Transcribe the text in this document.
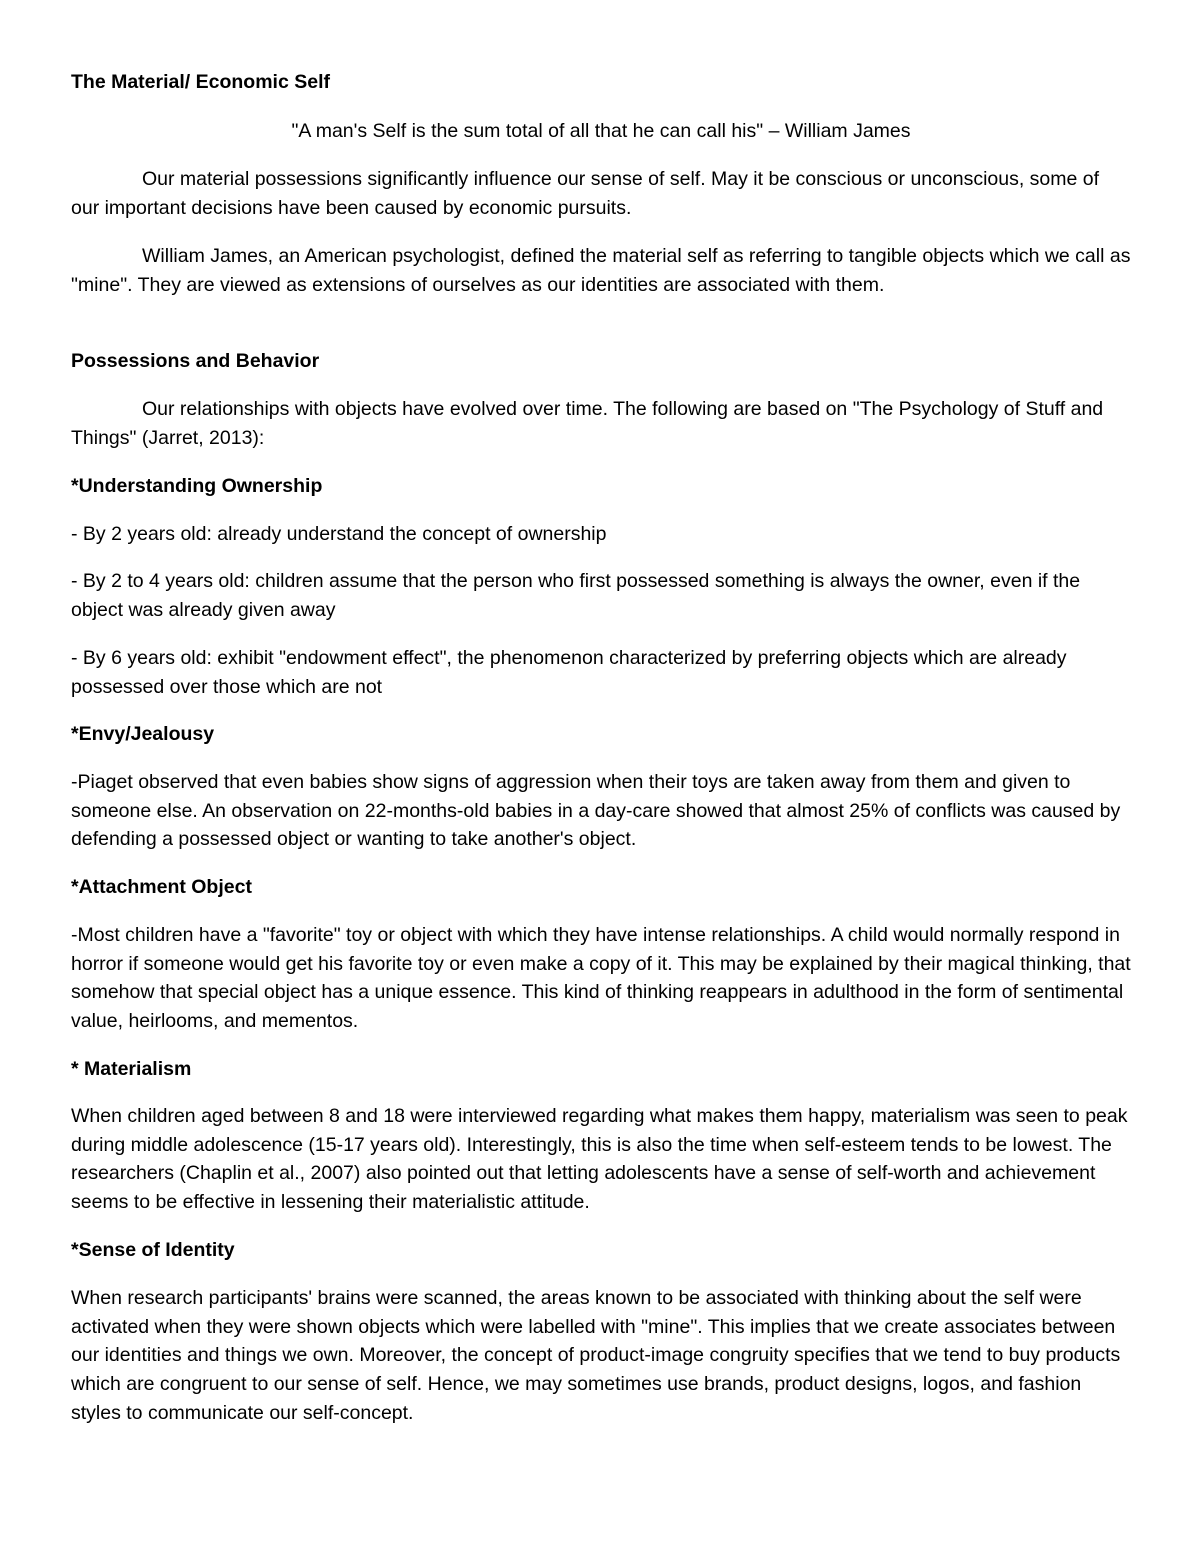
The Material/ Economic Self

"A man's Self is the sum total of all that he can call his" – William James

Our material possessions significantly influence our sense of self. May it be conscious or unconscious, some of our important decisions have been caused by economic pursuits.

William James, an American psychologist, defined the material self as referring to tangible objects which we call as "mine". They are viewed as extensions of ourselves as our identities are associated with them.

Possessions and Behavior

Our relationships with objects have evolved over time. The following are based on "The Psychology of Stuff and Things" (Jarret, 2013):

*Understanding Ownership

- By 2 years old: already understand the concept of ownership

- By 2 to 4 years old: children assume that the person who first possessed something is always the owner, even if the object was already given away

- By 6 years old: exhibit "endowment effect", the phenomenon characterized by preferring objects which are already possessed over those which are not

*Envy/Jealousy

-Piaget observed that even babies show signs of aggression when their toys are taken away from them and given to someone else. An observation on 22-months-old babies in a day-care showed that almost 25% of conflicts was caused by defending a possessed object or wanting to take another's object.

*Attachment Object

-Most children have a "favorite" toy or object with which they have intense relationships. A child would normally respond in horror if someone would get his favorite toy or even make a copy of it. This may be explained by their magical thinking, that somehow that special object has a unique essence. This kind of thinking reappears in adulthood in the form of sentimental value, heirlooms, and mementos.

* Materialism

When children aged between 8 and 18 were interviewed regarding what makes them happy, materialism was seen to peak during middle adolescence (15-17 years old). Interestingly, this is also the time when self-esteem tends to be lowest. The researchers (Chaplin et al., 2007) also pointed out that letting adolescents have a sense of self-worth and achievement seems to be effective in lessening their materialistic attitude.

*Sense of Identity

When research participants' brains were scanned, the areas known to be associated with thinking about the self were activated when they were shown objects which were labelled with "mine". This implies that we create associates between our identities and things we own. Moreover, the concept of product-image congruity specifies that we tend to buy products which are congruent to our sense of self. Hence, we may sometimes use brands, product designs, logos, and fashion styles to communicate our self-concept.
